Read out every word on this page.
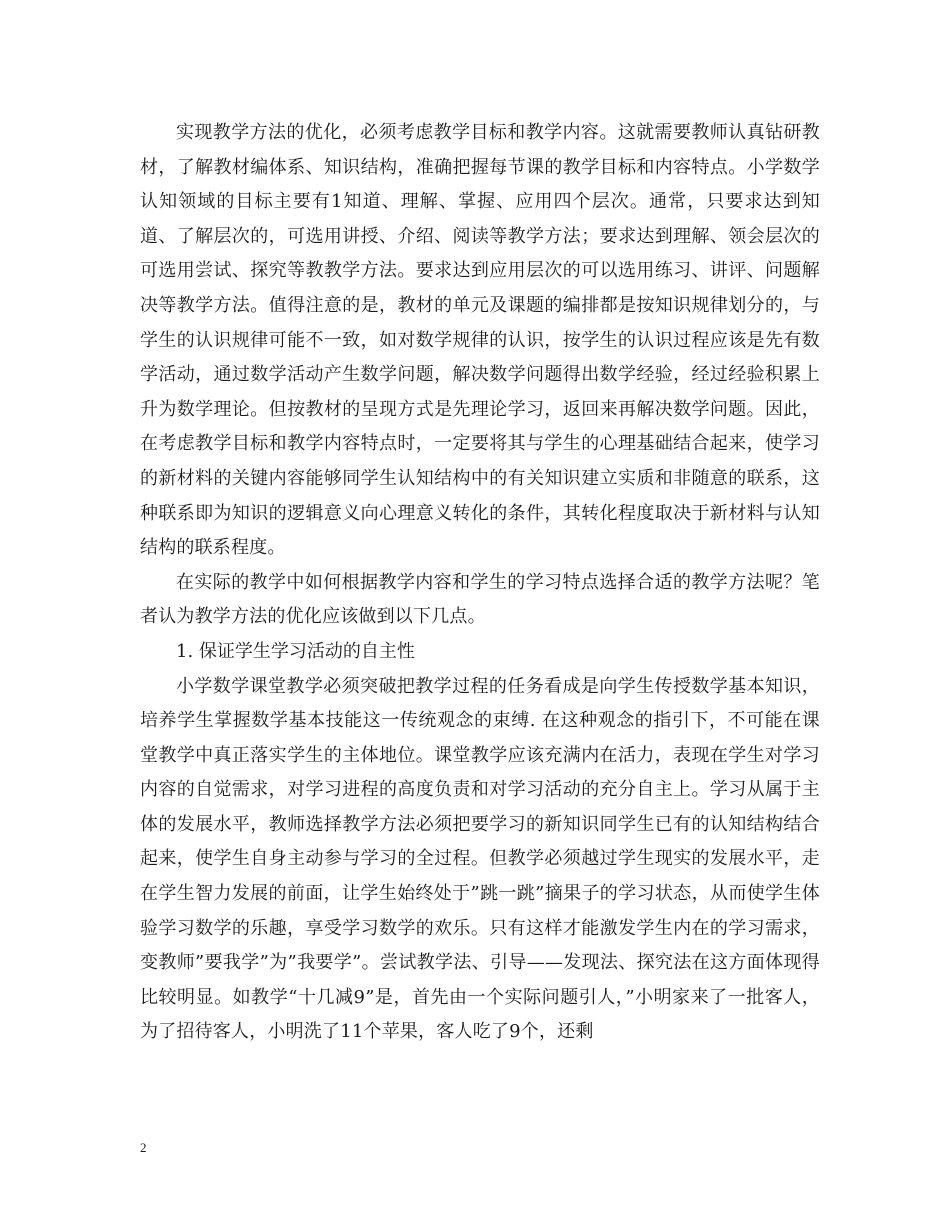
实现教学方法的优化，必须考虑教学目标和教学内容。这就需要教师认真钻研教材，了解教材编体系、知识结构，准确把握每节课的教学目标和内容特点。小学数学认知领域的目标主要有1知道、理解、掌握、应用四个层次。通常，只要求达到知道、了解层次的，可选用讲授、介绍、阅读等教学方法；要求达到理解、领会层次的可选用尝试、探究等教教学方法。要求达到应用层次的可以选用练习、讲评、问题解决等教学方法。值得注意的是，教材的单元及课题的编排都是按知识规律划分的，与学生的认识规律可能不一致，如对数学规律的认识，按学生的认识过程应该是先有数学活动，通过数学活动产生数学问题，解决数学问题得出数学经验，经过经验积累上升为数学理论。但按教材的呈现方式是先理论学习，返回来再解决数学问题。因此，在考虑教学目标和教学内容特点时，一定要将其与学生的心理基础结合起来，使学习的新材料的关键内容能够同学生认知结构中的有关知识建立实质和非随意的联系，这种联系即为知识的逻辑意义向心理意义转化的条件，其转化程度取决于新材料与认知结构的联系程度。

在实际的教学中如何根据教学内容和学生的学习特点选择合适的教学方法呢？笔者认为教学方法的优化应该做到以下几点。

1. 保证学生学习活动的自主性

小学数学课堂教学必须突破把教学过程的任务看成是向学生传授数学基本知识，培养学生掌握数学基本技能这一传统观念的束缚. 在这种观念的指引下，不可能在课堂教学中真正落实学生的主体地位。课堂教学应该充满内在活力，表现在学生对学习内容的自觉需求，对学习进程的高度负责和对学习活动的充分自主上。学习从属于主体的发展水平，教师选择教学方法必须把要学习的新知识同学生已有的认知结构结合起来，使学生自身主动参与学习的全过程。但教学必须越过学生现实的发展水平，走在学生智力发展的前面，让学生始终处于”跳一跳”摘果子的学习状态，从而使学生体验学习数学的乐趣，享受学习数学的欢乐。只有这样才能激发学生内在的学习需求，变教师”要我学”为”我要学”。尝试教学法、引导——发现法、探究法在这方面体现得比较明显。如教学“十几减9”是，首先由一个实际问题引人，”小明家来了一批客人，为了招待客人，小明洗了11个苹果，客人吃了9个，还剩

2
